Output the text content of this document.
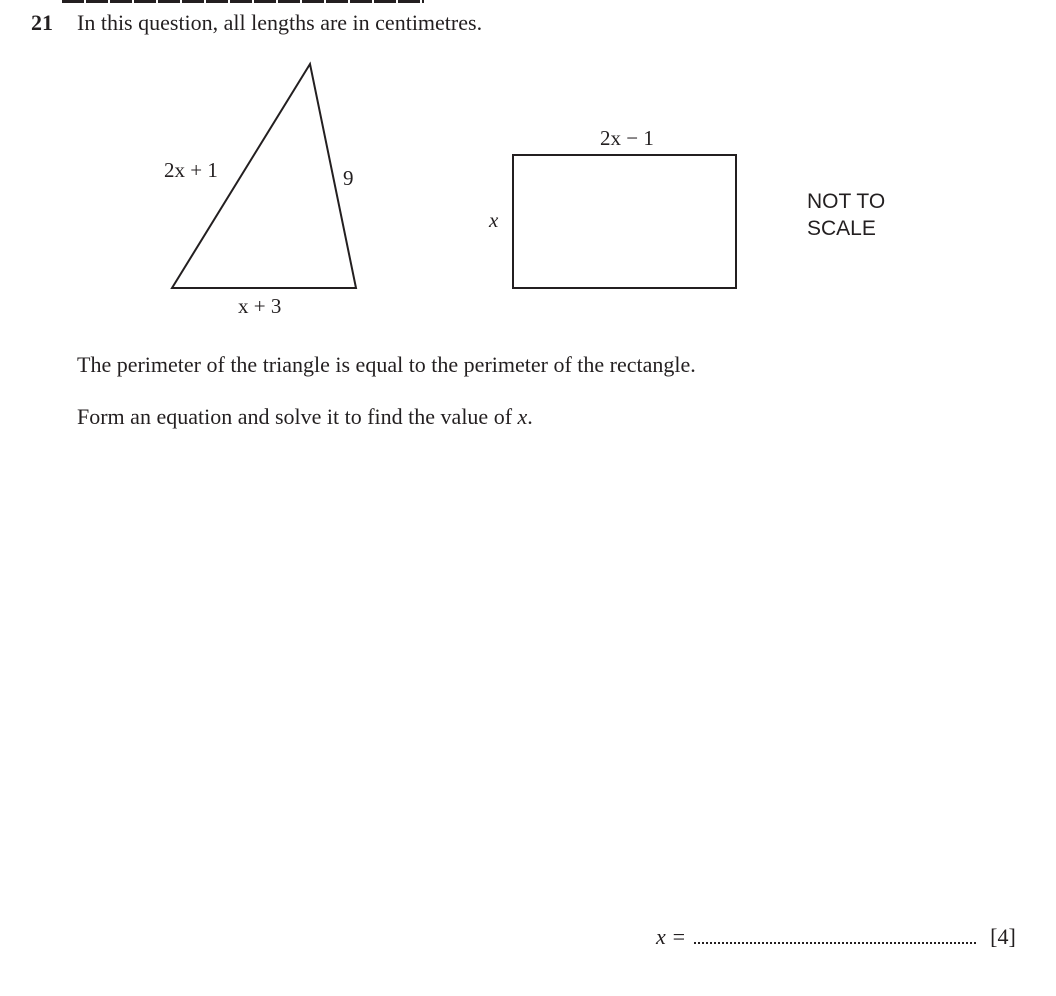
21 In this question, all lengths are in centimetres.
2x + 1	9
x + 3
2x − 1
x
NOT TO
SCALE
The perimeter of the triangle is equal to the perimeter of the rectangle.
Form an equation and solve it to find the value of x.
x =	[4]
